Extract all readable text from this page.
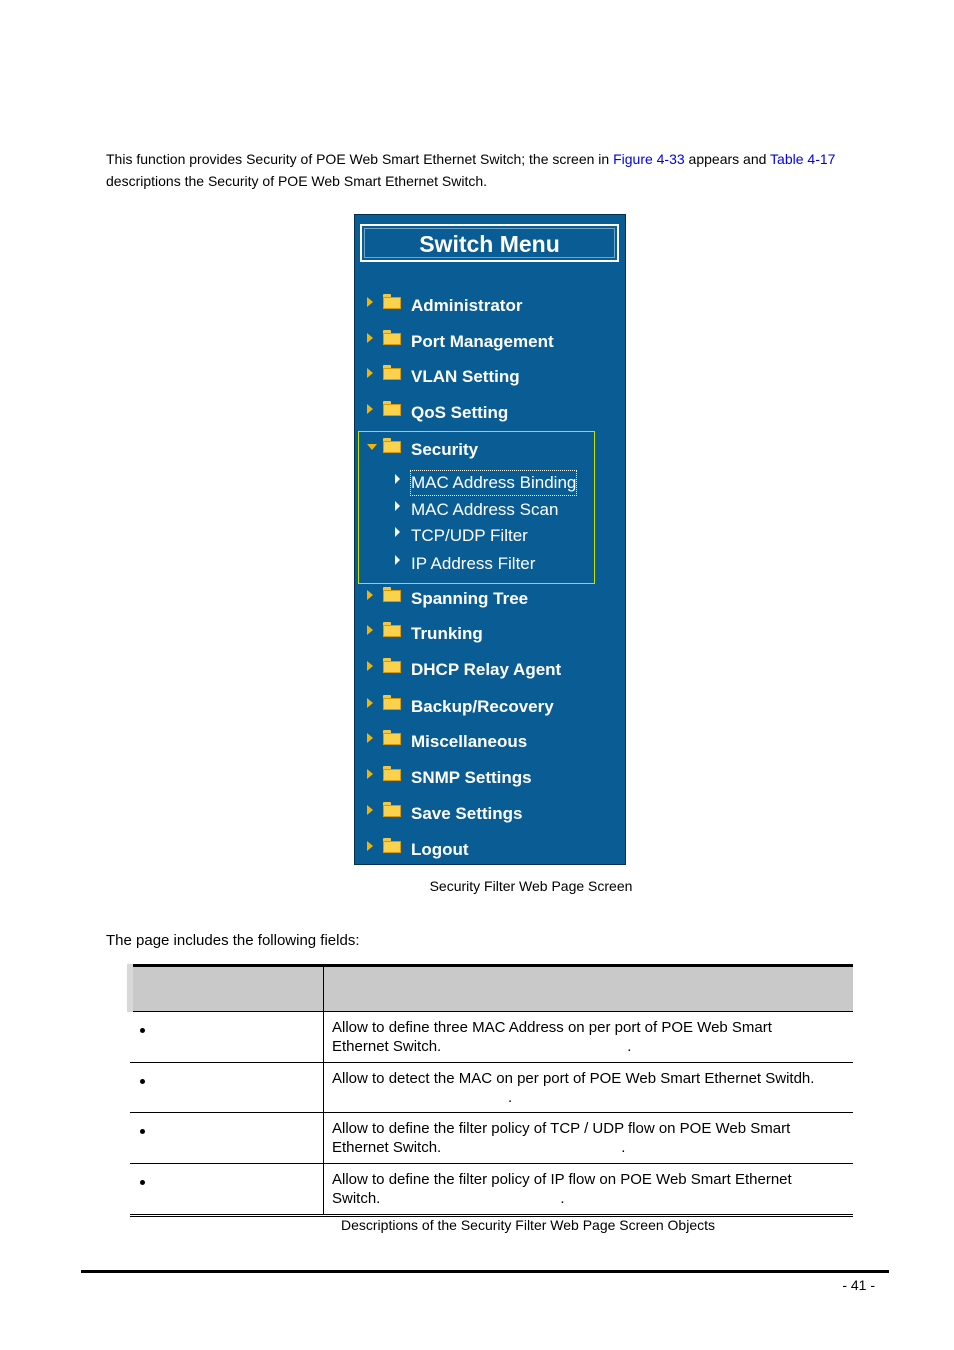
This function provides Security of POE Web Smart Ethernet Switch; the screen in Figure 4-33 appears and Table 4-17
descriptions the Security of POE Web Smart Ethernet Switch.
Switch Menu
Administrator
Port Management
VLAN Setting
QoS Setting
Security
MAC Address Binding
MAC Address Scan
TCP/UDP Filter
IP Address Filter
Spanning Tree
Trunking
DHCP Relay Agent
Backup/Recovery
Miscellaneous
SNMP Settings
Save Settings
Logout
Security Filter Web Page Screen
The page includes the following fields:

	Allow to define three MAC Address on per port of POE Web Smart
Ethernet Switch. .

	Allow to detect the MAC on per port of POE Web Smart Ethernet Switdh.
.

	Allow to define the filter policy of TCP / UDP flow on POE Web Smart
Ethernet Switch. .

	Allow to define the filter policy of IP flow on POE Web Smart Ethernet
Switch. .
Descriptions of the Security Filter Web Page Screen Objects
- 41 -
